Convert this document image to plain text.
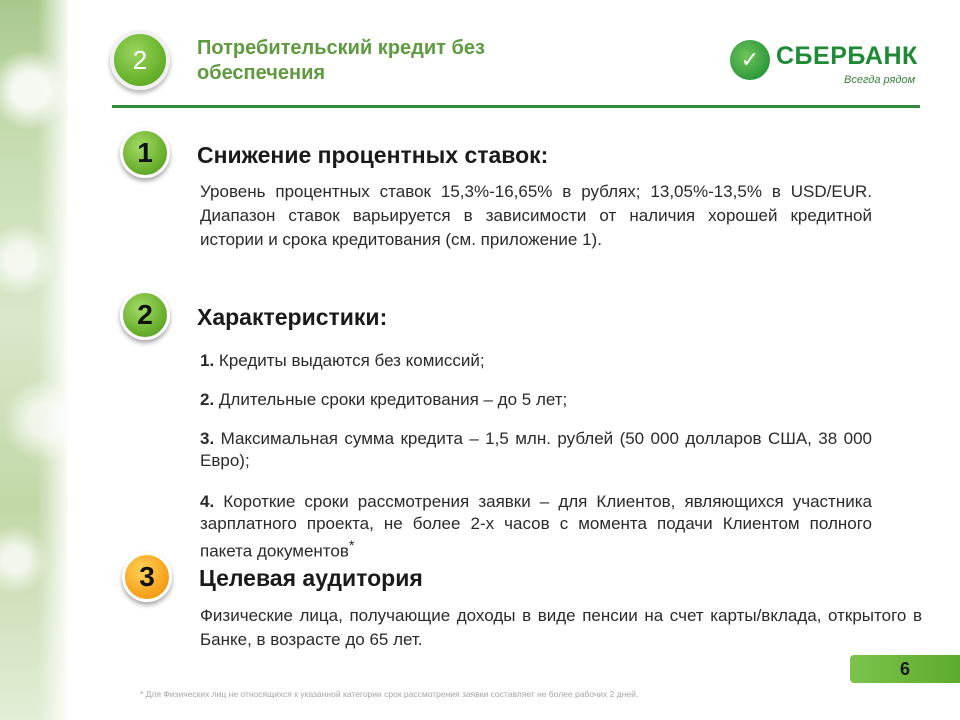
2	Потребительский кредит без обеспечения
✓ СБЕРБАНК
Всегда рядом
1	Снижение процентных ставок:
Уровень процентных ставок 15,3%-16,65% в рублях; 13,05%-13,5% в USD/EUR. Диапазон ставок варьируется в зависимости от наличия хорошей кредитной истории и срока кредитования (см. приложение 1).
2	Характеристики:
1. Кредиты выдаются без комиссий;
2. Длительные сроки кредитования – до 5 лет;
3. Максимальная сумма кредита – 1,5 млн. рублей (50 000 долларов США, 38 000 Евро);
4. Короткие сроки рассмотрения заявки – для Клиентов, являющихся участника зарплатного проекта, не более 2-х часов с момента подачи Клиентом полного пакета документов*
3	Целевая аудитория
Физические лица, получающие доходы в виде пенсии на счет карты/вклада, открытого в Банке, в возрасте до 65 лет.
6
* Для Физических лиц не относящихся к указанной категории срок рассмотрения заявки составляет не более рабочих 2 дней.
